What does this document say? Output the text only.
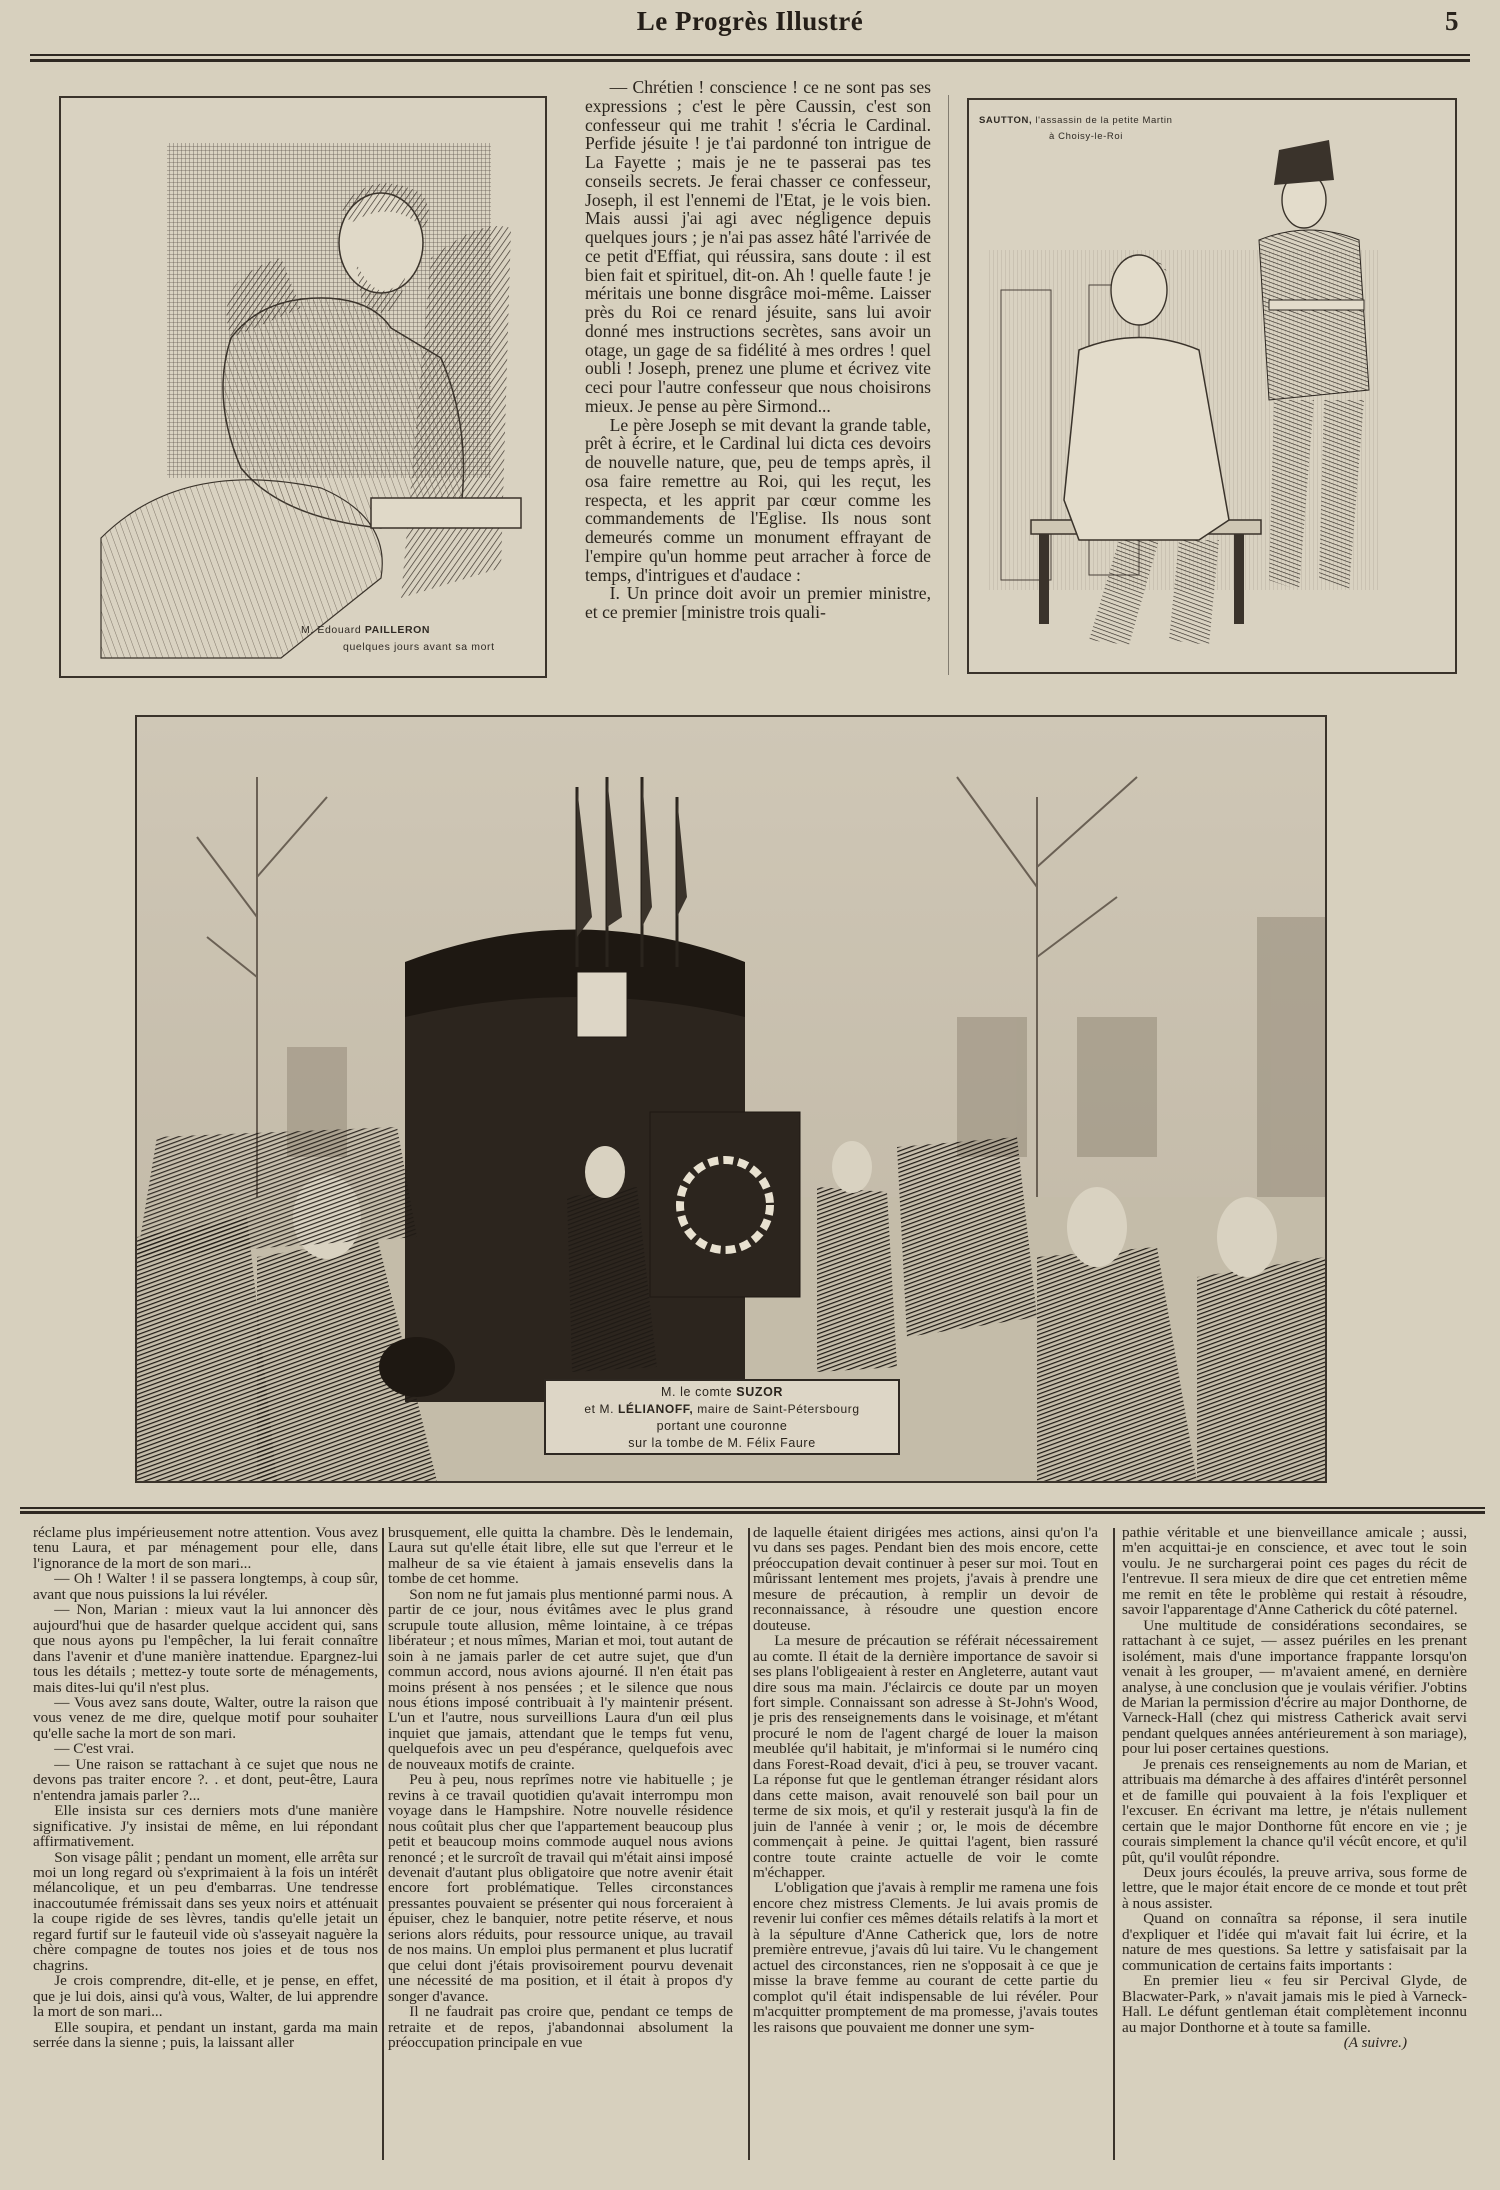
Le Progrès Illustré	5
M. Edouard PAILLERON
quelques jours avant sa mort

— Chrétien ! conscience ! ce ne sont pas ses expressions ; c'est le père Caussin, c'est son confesseur qui me trahit ! s'écria le Cardinal. Perfide jésuite ! je t'ai pardonné ton intrigue de La Fayette ; mais je ne te passerai pas tes conseils secrets. Je ferai chasser ce confesseur, Joseph, il est l'ennemi de l'Etat, je le vois bien. Mais aussi j'ai agi avec négligence depuis quelques jours ; je n'ai pas assez hâté l'arrivée de ce petit d'Effiat, qui réussira, sans doute : il est bien fait et spirituel, dit-on. Ah ! quelle faute ! je méritais une bonne disgrâce moi-même. Laisser près du Roi ce renard jésuite, sans lui avoir donné mes instructions secrètes, sans avoir un otage, un gage de sa fidélité à mes ordres ! quel oubli ! Joseph, prenez une plume et écrivez vite ceci pour l'autre confesseur que nous choisirons mieux. Je pense au père Sirmond...

Le père Joseph se mit devant la grande table, prêt à écrire, et le Cardinal lui dicta ces devoirs de nouvelle nature, que, peu de temps après, il osa faire remettre au Roi, qui les reçut, les respecta, et les apprit par cœur comme les commandements de l'Eglise. Ils nous sont demeurés comme un monument effrayant de l'empire qu'un homme peut arracher à force de temps, d'intrigues et d'audace :

I. Un prince doit avoir un premier ministre, et ce premier [ministre trois quali-

SAUTTON, l'assassin de la petite Martin
à Choisy-le-Roi
M. le comte SUZOR
et M. LÉLIANOFF, maire de Saint-Pétersbourg
portant une couronne
sur la tombe de M. Félix Faure

réclame plus impérieusement notre attention. Vous avez tenu Laura, et par ménagement pour elle, dans l'ignorance de la mort de son mari...

— Oh ! Walter ! il se passera longtemps, à coup sûr, avant que nous puissions la lui révéler.

— Non, Marian : mieux vaut la lui annoncer dès aujourd'hui que de hasarder quelque accident qui, sans que nous ayons pu l'empêcher, la lui ferait connaître dans l'avenir et d'une manière inattendue. Epargnez-lui tous les détails ; mettez-y toute sorte de ménagements, mais dites-lui qu'il n'est plus.

— Vous avez sans doute, Walter, outre la raison que vous venez de me dire, quelque motif pour souhaiter qu'elle sache la mort de son mari.

— C'est vrai.

— Une raison se rattachant à ce sujet que nous ne devons pas traiter encore ?. . et dont, peut-être, Laura n'entendra jamais parler ?...

Elle insista sur ces derniers mots d'une manière significative. J'y insistai de même, en lui répondant affirmativement.

Son visage pâlit ; pendant un moment, elle arrêta sur moi un long regard où s'exprimaient à la fois un intérêt mélancolique, et un peu d'embarras. Une tendresse inaccoutumée frémissait dans ses yeux noirs et atténuait la coupe rigide de ses lèvres, tandis qu'elle jetait un regard furtif sur le fauteuil vide où s'asseyait naguère la chère compagne de toutes nos joies et de tous nos chagrins.

Je crois comprendre, dit-elle, et je pense, en effet, que je lui dois, ainsi qu'à vous, Walter, de lui apprendre la mort de son mari...

Elle soupira, et pendant un instant, garda ma main serrée dans la sienne ; puis, la laissant aller

brusquement, elle quitta la chambre. Dès le lendemain, Laura sut qu'elle était libre, elle sut que l'erreur et le malheur de sa vie étaient à jamais ensevelis dans la tombe de cet homme.

Son nom ne fut jamais plus mentionné parmi nous. A partir de ce jour, nous évitâmes avec le plus grand scrupule toute allusion, même lointaine, à ce trépas libérateur ; et nous mîmes, Marian et moi, tout autant de soin à ne jamais parler de cet autre sujet, que d'un commun accord, nous avions ajourné. Il n'en était pas moins présent à nos pensées ; et le silence que nous nous étions imposé contribuait à l'y maintenir présent. L'un et l'autre, nous surveillions Laura d'un œil plus inquiet que jamais, attendant que le temps fut venu, quelquefois avec un peu d'espérance, quelquefois avec de nouveaux motifs de crainte.

Peu à peu, nous reprîmes notre vie habituelle ; je revins à ce travail quotidien qu'avait interrompu mon voyage dans le Hampshire. Notre nouvelle résidence nous coûtait plus cher que l'appartement beaucoup plus petit et beaucoup moins commode auquel nous avions renoncé ; et le surcroît de travail qui m'était ainsi imposé devenait d'autant plus obligatoire que notre avenir était encore fort problématique. Telles circonstances pressantes pouvaient se présenter qui nous forceraient à épuiser, chez le banquier, notre petite réserve, et nous serions alors réduits, pour ressource unique, au travail de nos mains. Un emploi plus permanent et plus lucratif que celui dont j'étais provisoirement pourvu devenait une nécessité de ma position, et il était à propos d'y songer d'avance.

Il ne faudrait pas croire que, pendant ce temps de retraite et de repos, j'abandonnai absolument la préoccupation principale en vue

de laquelle étaient dirigées mes actions, ainsi qu'on l'a vu dans ses pages. Pendant bien des mois encore, cette préoccupation devait continuer à peser sur moi. Tout en mûrissant lentement mes projets, j'avais à prendre une mesure de précaution, à remplir un devoir de reconnaissance, à résoudre une question encore douteuse.

La mesure de précaution se référait nécessairement au comte. Il était de la dernière importance de savoir si ses plans l'obligeaient à rester en Angleterre, autant vaut dire sous ma main. J'éclaircis ce doute par un moyen fort simple. Connaissant son adresse à St-John's Wood, je pris des renseignements dans le voisinage, et m'étant procuré le nom de l'agent chargé de louer la maison meublée qu'il habitait, je m'informai si le numéro cinq dans Forest-Road devait, d'ici à peu, se trouver vacant. La réponse fut que le gentleman étranger résidant alors dans cette maison, avait renouvelé son bail pour un terme de six mois, et qu'il y resterait jusqu'à la fin de juin de l'année à venir ; or, le mois de décembre commençait à peine. Je quittai l'agent, bien rassuré contre toute crainte actuelle de voir le comte m'échapper.

L'obligation que j'avais à remplir me ramena une fois encore chez mistress Clements. Je lui avais promis de revenir lui confier ces mêmes détails relatifs à la mort et à la sépulture d'Anne Catherick que, lors de notre première entrevue, j'avais dû lui taire. Vu le changement actuel des circonstances, rien ne s'opposait à ce que je misse la brave femme au courant de cette partie du complot qu'il était indispensable de lui révéler. Pour m'acquitter promptement de ma promesse, j'avais toutes les raisons que pouvaient me donner une sym-

pathie véritable et une bienveillance amicale ; aussi, m'en acquittai-je en conscience, et avec tout le soin voulu. Je ne surchargerai point ces pages du récit de l'entrevue. Il sera mieux de dire que cet entretien même me remit en tête le problème qui restait à résoudre, savoir l'apparentage d'Anne Catherick du côté paternel.

Une multitude de considérations secondaires, se rattachant à ce sujet, — assez puériles en les prenant isolément, mais d'une importance frappante lorsqu'on venait à les grouper, — m'avaient amené, en dernière analyse, à une conclusion que je voulais vérifier. J'obtins de Marian la permission d'écrire au major Donthorne, de Varneck-Hall (chez qui mistress Catherick avait servi pendant quelques années antérieurement à son mariage), pour lui poser certaines questions.

Je prenais ces renseignements au nom de Marian, et attribuais ma démarche à des affaires d'intérêt personnel et de famille qui pouvaient à la fois l'expliquer et l'excuser. En écrivant ma lettre, je n'étais nullement certain que le major Donthorne fût encore en vie ; je courais simplement la chance qu'il vécût encore, et qu'il pût, qu'il voulût répondre.

Deux jours écoulés, la preuve arriva, sous forme de lettre, que le major était encore de ce monde et tout prêt à nous assister.

Quand on connaîtra sa réponse, il sera inutile d'expliquer et l'idée qui m'avait fait lui écrire, et la nature de mes questions. Sa lettre y satisfaisait par la communication de certains faits importants :

En premier lieu « feu sir Percival Glyde, de Blacwater-Park, » n'avait jamais mis le pied à Varneck-Hall. Le défunt gentleman était complètement inconnu au major Donthorne et à toute sa famille.

(A suivre.)
